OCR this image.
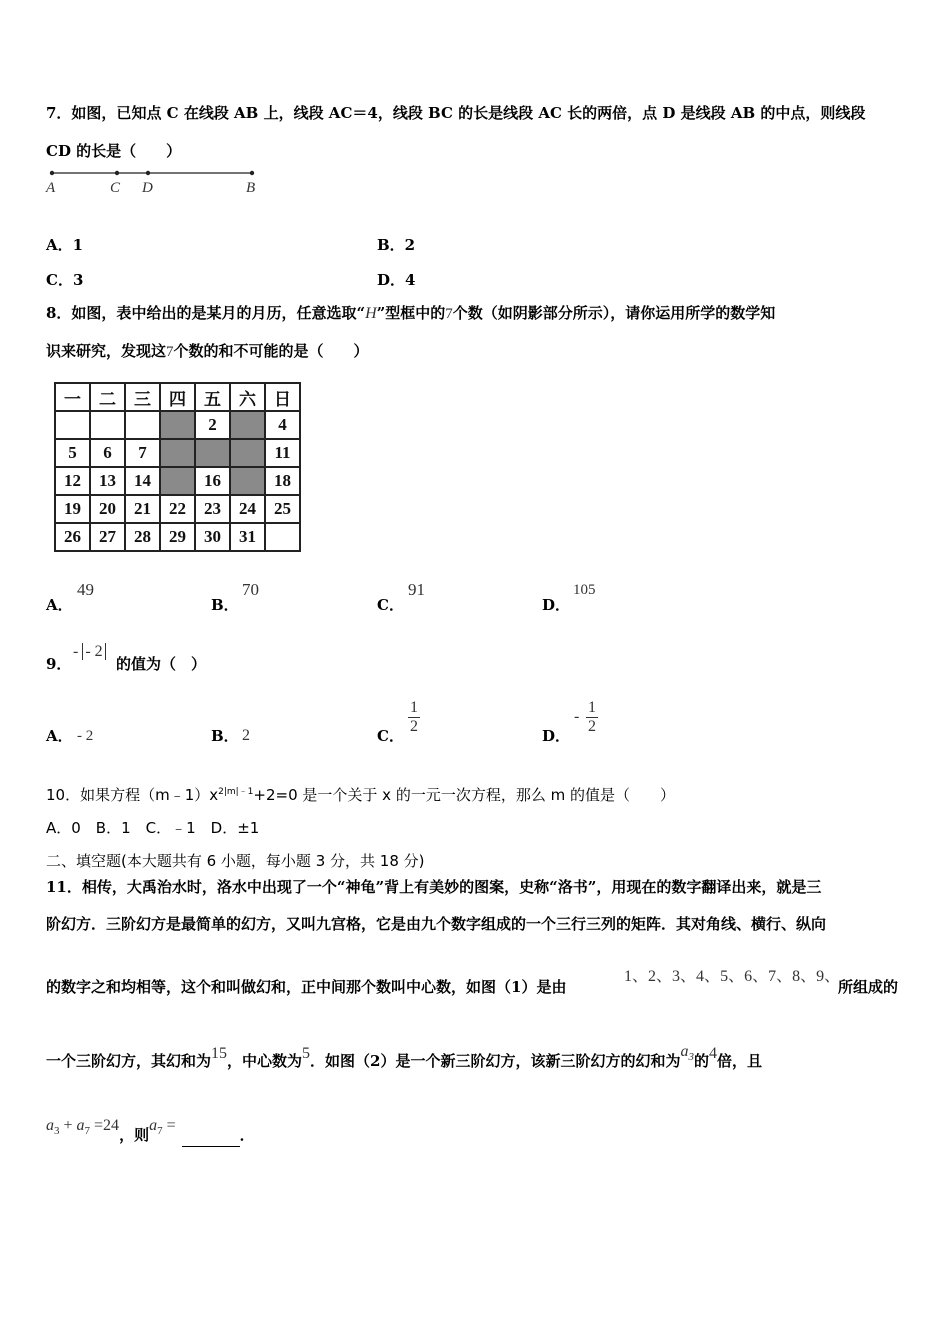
7．如图，已知点 C 在线段 AB 上，线段 AC＝4，线段 BC 的长是线段 AC 长的两倍，点 D 是线段 AB 的中点，则线段
CD 的长是（　　）
A	C D	B
A．1	B．2
C．3	D．4
8．如图，表中给出的是某月的月历，任意选取“H”型框中的7个数（如阴影部分所示），请你运用所学的数学知
识来研究，发现这7个数的和不可能的是（　　）
一	二	三	四	五	六	日
				2		4
5	6	7				11
12	13	14		16		18
19	20	21	22	23	24	25
26	27	28	29	30	31	
A．
49
B．
70
C．
91
D．
105
9．
- - 2
的值为（　）
A． - 2	B． 2	C．
1
2
D．
-
1
2
10．如果方程$(m﹣1)x^{2|m|﹣1}+2=0$ 是一个关于 x 的一元一次方程，那么 m 的值是（　　）
A．0　B．1　C．﹣1　D．±1
二、填空题(本大题共有 6 小题，每小题 3 分，共 18 分)
11．相传，大禹治水时，洛水中出现了一个“神龟”背上有美妙的图案，史称“洛书”，用现在的数字翻译出来，就是三
阶幻方．三阶幻方是最简单的幻方，又叫九宫格，它是由九个数字组成的一个三行三列的矩阵．其对角线、横行、纵向
的数字之和均相等，这个和叫做幻和，正中间那个数叫中心数，如图（1）是由
1、2、3、4、5、6、7、8、9、
所组成的
一个三阶幻方，其幻和为15，中心数为5．如图（2）是一个新三阶幻方，该新三阶幻方的幻和为$a_3$的4倍，且
$a_3 + a_7 =24$，则$a_7$ =．
